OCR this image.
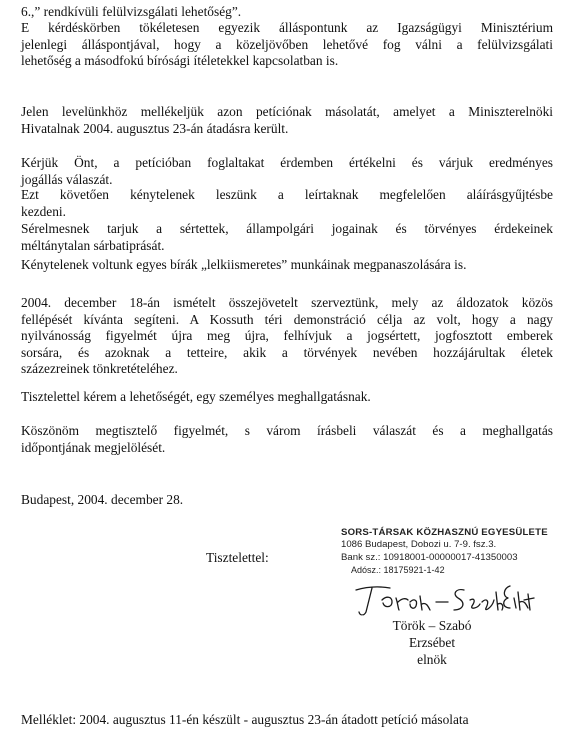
6.,” rendkívüli felülvizsgálati lehetőség”.
E kérdéskörben tökéletesen egyezik álláspontunk az Igazságügyi Minisztérium
jelenlegi álláspontjával, hogy a közeljövőben lehetővé fog válni a felülvizsgálati
lehetőség a másodfokú bírósági ítéletekkel kapcsolatban is.
Jelen levelünkhöz mellékeljük azon petíciónak másolatát, amelyet a Miniszterelnöki
Hivatalnak 2004. augusztus 23-án átadásra került.
Kérjük Önt, a petícióban foglaltakat érdemben értékelni és várjuk eredményes
jogállás válaszát.
Ezt követően kénytelenek leszünk a leírtaknak megfelelően aláírásgyűjtésbe
kezdeni.
Sérelmesnek tarjuk a sértettek, állampolgári jogainak és törvényes érdekeinek
méltánytalan sárbatiprását.
Kénytelenek voltunk egyes bírák „lelkiismeretes” munkáinak megpanaszolására is.
2004. december 18-án ismételt összejövetelt szerveztünk, mely az áldozatok közös
fellépését kívánta segíteni. A Kossuth téri demonstráció célja az volt, hogy a nagy
nyilvánosság figyelmét újra meg újra, felhívjuk a jogsértett, jogfosztott emberek
sorsára, és azoknak a tetteire, akik a törvények nevében hozzájárultak életek
százezreinek tönkretételéhez.
Tisztelettel kérem a lehetőségét, egy személyes meghallgatásnak.
Köszönöm megtisztelő figyelmét, s várom írásbeli válaszát és a meghallgatás
időpontjának megjelölését.
Budapest, 2004. december 28.
Tisztelettel:
SORS-TÁRSAK KÖZHASZNÚ EGYESÜLETE
1086 Budapest, Dobozi u. 7-9. fsz.3.
Bank sz.: 10918001-00000017-41350003
Adósz.: 18175921-1-42
Török - Szabó Erzsébet
Török – Szabó Erzsébet
elnök
Melléklet: 2004. augusztus 11-én készült - augusztus 23-án átadott petíció másolata
